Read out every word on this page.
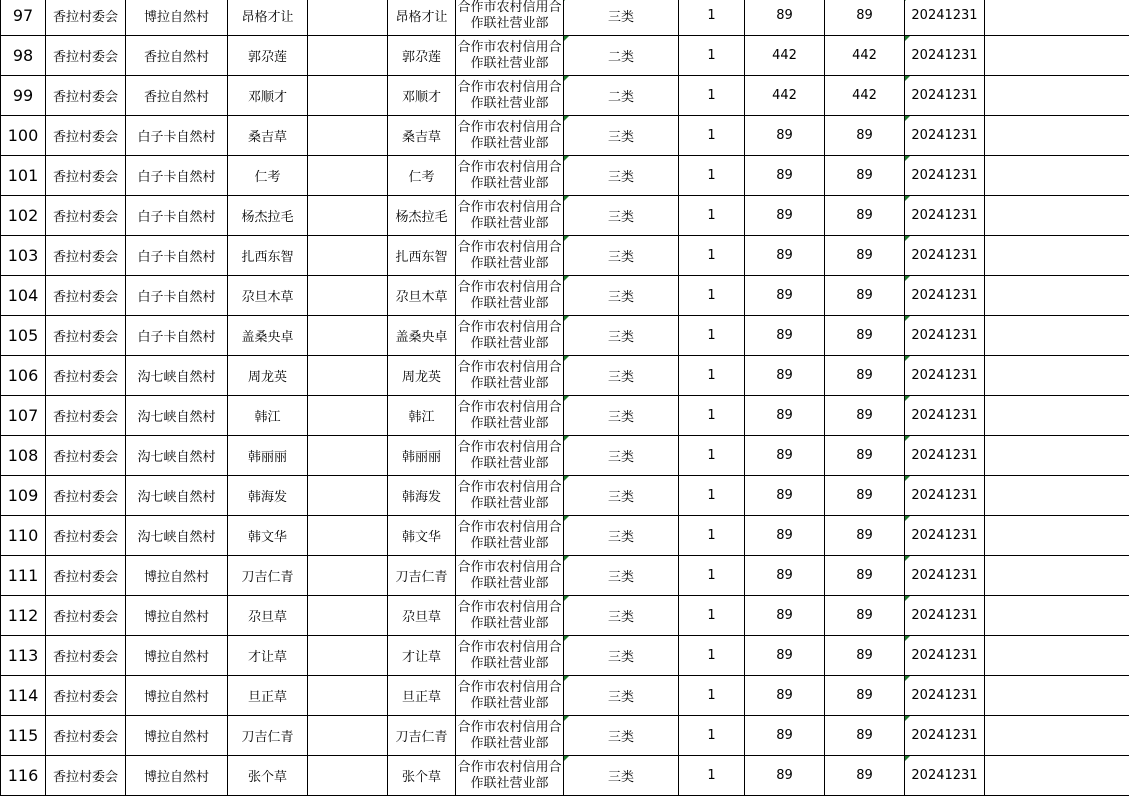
97	香拉村委会	博拉自然村	昂格才让		昂格才让	合作市农村信用合作联社营业部	三类	1	89	89	20241231	
98	香拉村委会	香拉自然村	郭尕莲		郭尕莲	合作市农村信用合作联社营业部	二类	1	442	442	20241231	
99	香拉村委会	香拉自然村	邓顺才		邓顺才	合作市农村信用合作联社营业部	二类	1	442	442	20241231	
100	香拉村委会	白子卡自然村	桑吉草		桑吉草	合作市农村信用合作联社营业部	三类	1	89	89	20241231	
101	香拉村委会	白子卡自然村	仁考		仁考	合作市农村信用合作联社营业部	三类	1	89	89	20241231	
102	香拉村委会	白子卡自然村	杨杰拉毛		杨杰拉毛	合作市农村信用合作联社营业部	三类	1	89	89	20241231	
103	香拉村委会	白子卡自然村	扎西东智		扎西东智	合作市农村信用合作联社营业部	三类	1	89	89	20241231	
104	香拉村委会	白子卡自然村	尕旦木草		尕旦木草	合作市农村信用合作联社营业部	三类	1	89	89	20241231	
105	香拉村委会	白子卡自然村	盖桑央卓		盖桑央卓	合作市农村信用合作联社营业部	三类	1	89	89	20241231	
106	香拉村委会	沟七峡自然村	周龙英		周龙英	合作市农村信用合作联社营业部	三类	1	89	89	20241231	
107	香拉村委会	沟七峡自然村	韩江		韩江	合作市农村信用合作联社营业部	三类	1	89	89	20241231	
108	香拉村委会	沟七峡自然村	韩丽丽		韩丽丽	合作市农村信用合作联社营业部	三类	1	89	89	20241231	
109	香拉村委会	沟七峡自然村	韩海发		韩海发	合作市农村信用合作联社营业部	三类	1	89	89	20241231	
110	香拉村委会	沟七峡自然村	韩文华		韩文华	合作市农村信用合作联社营业部	三类	1	89	89	20241231	
111	香拉村委会	博拉自然村	刀吉仁青		刀吉仁青	合作市农村信用合作联社营业部	三类	1	89	89	20241231	
112	香拉村委会	博拉自然村	尕旦草		尕旦草	合作市农村信用合作联社营业部	三类	1	89	89	20241231	
113	香拉村委会	博拉自然村	才让草		才让草	合作市农村信用合作联社营业部	三类	1	89	89	20241231	
114	香拉村委会	博拉自然村	旦正草		旦正草	合作市农村信用合作联社营业部	三类	1	89	89	20241231	
115	香拉村委会	博拉自然村	刀吉仁青		刀吉仁青	合作市农村信用合作联社营业部	三类	1	89	89	20241231	
116	香拉村委会	博拉自然村	张个草		张个草	合作市农村信用合作联社营业部	三类	1	89	89	20241231	
